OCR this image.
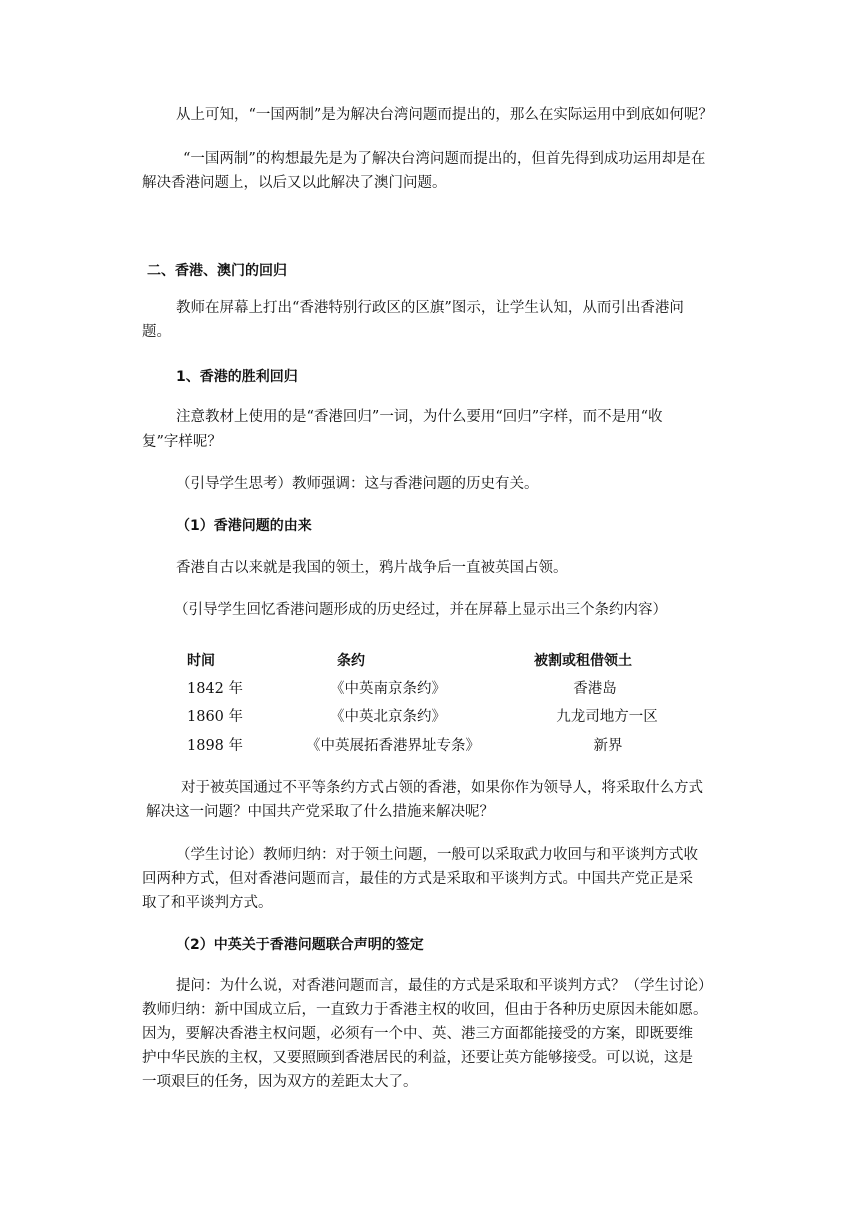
从上可知，“一国两制”是为解决台湾问题而提出的，那么在实际运用中到底如何呢？

“一国两制”的构想最先是为了解决台湾问题而提出的，但首先得到成功运用却是在

解决香港问题上，以后又以此解决了澳门问题。

二、香港、澳门的回归

教师在屏幕上打出“香港特别行政区的区旗”图示，让学生认知，从而引出香港问

题。

1、香港的胜利回归

注意教材上使用的是“香港回归”一词，为什么要用“回归”字样，而不是用“收

复”字样呢？

（引导学生思考）教师强调：这与香港问题的历史有关。

（1）香港问题的由来

香港自古以来就是我国的领土，鸦片战争后一直被英国占领。

（引导学生回忆香港问题形成的历史经过，并在屏幕上显示出三个条约内容）

时间	条约	被割或租借领土
1842 年	《中英南京条约》	香港岛
1860 年	《中英北京条约》	九龙司地方一区
1898 年	《中英展拓香港界址专条》	新界

对于被英国通过不平等条约方式占领的香港，如果你作为领导人，将采取什么方式

解决这一问题？中国共产党采取了什么措施来解决呢？

（学生讨论）教师归纳：对于领土问题，一般可以采取武力收回与和平谈判方式收

回两种方式，但对香港问题而言，最佳的方式是采取和平谈判方式。中国共产党正是采

取了和平谈判方式。

（2）中英关于香港问题联合声明的签定

提问：为什么说，对香港问题而言，最佳的方式是采取和平谈判方式？（学生讨论）

教师归纳：新中国成立后，一直致力于香港主权的收回，但由于各种历史原因未能如愿。

因为，要解决香港主权问题，必须有一个中、英、港三方面都能接受的方案，即既要维

护中华民族的主权，又要照顾到香港居民的利益，还要让英方能够接受。可以说，这是

一项艰巨的任务，因为双方的差距太大了。
